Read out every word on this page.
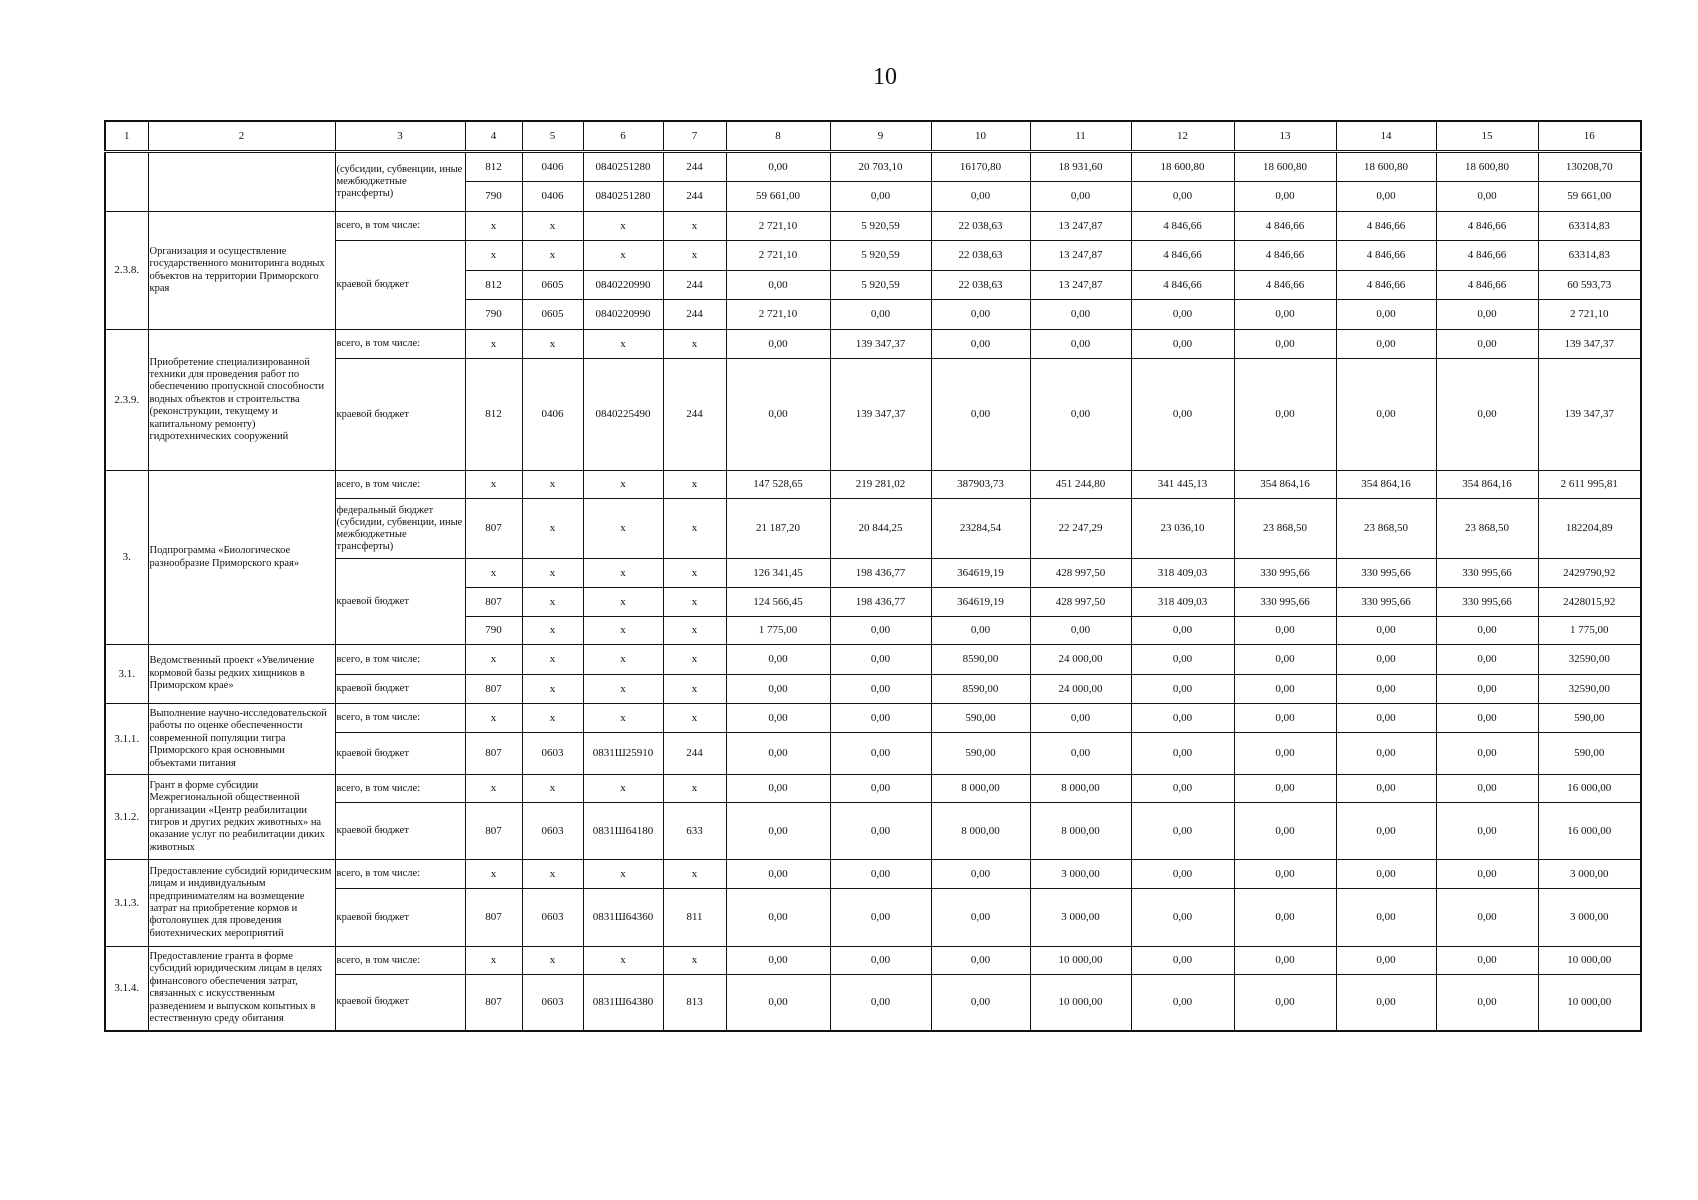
10
1	2	3	4	5	6	7	8	9	10	11	12	13	14	15	16
		(субсидии, субвенции, иные межбюджетные трансферты)	812	0406	0840251280	244	0,00	20 703,10	16170,80	18 931,60	18 600,80	18 600,80	18 600,80	18 600,80	130208,70
			790	0406	0840251280	244	59 661,00	0,00	0,00	0,00	0,00	0,00	0,00	0,00	59 661,00
2.3.8.	Организация и осуществление государственного мониторинга водных объектов на территории Приморского края	всего, в том числе:	x	x	x	x	2 721,10	5 920,59	22 038,63	13 247,87	4 846,66	4 846,66	4 846,66	4 846,66	63314,83
		краевой бюджет	x	x	x	x	2 721,10	5 920,59	22 038,63	13 247,87	4 846,66	4 846,66	4 846,66	4 846,66	63314,83
			812	0605	0840220990	244	0,00	5 920,59	22 038,63	13 247,87	4 846,66	4 846,66	4 846,66	4 846,66	60 593,73
			790	0605	0840220990	244	2 721,10	0,00	0,00	0,00	0,00	0,00	0,00	0,00	2 721,10
2.3.9.	Приобретение специализированной техники для проведения работ по обеспечению пропускной способности водных объектов и строительства (реконструкции, текущему и капитальному ремонту) гидротехнических сооружений	всего, в том числе:	x	x	x	x	0,00	139 347,37	0,00	0,00	0,00	0,00	0,00	0,00	139 347,37
		краевой бюджет	812	0406	0840225490	244	0,00	139 347,37	0,00	0,00	0,00	0,00	0,00	0,00	139 347,37
3.	Подпрограмма «Биологическое разнообразие Приморского края»	всего, в том числе:	x	x	x	x	147 528,65	219 281,02	387903,73	451 244,80	341 445,13	354 864,16	354 864,16	354 864,16	2 611 995,81
		федеральный бюджет (субсидии, субвенции, иные межбюджетные трансферты)	807	x	x	x	21 187,20	20 844,25	23284,54	22 247,29	23 036,10	23 868,50	23 868,50	23 868,50	182204,89
		краевой бюджет	x	x	x	x	126 341,45	198 436,77	364619,19	428 997,50	318 409,03	330 995,66	330 995,66	330 995,66	2429790,92
			807	x	x	x	124 566,45	198 436,77	364619,19	428 997,50	318 409,03	330 995,66	330 995,66	330 995,66	2428015,92
			790	x	x	x	1 775,00	0,00	0,00	0,00	0,00	0,00	0,00	0,00	1 775,00
3.1.	Ведомственный проект «Увеличение кормовой базы редких хищников в Приморском крае»	всего, в том числе:	x	x	x	x	0,00	0,00	8590,00	24 000,00	0,00	0,00	0,00	0,00	32590,00
		краевой бюджет	807	x	x	x	0,00	0,00	8590,00	24 000,00	0,00	0,00	0,00	0,00	32590,00
3.1.1.	Выполнение научно-исследовательской работы по оценке обеспеченности современной популяции тигра Приморского края основными объектами питания	всего, в том числе:	x	x	x	x	0,00	0,00	590,00	0,00	0,00	0,00	0,00	0,00	590,00
		краевой бюджет	807	0603	0831Ш25910	244	0,00	0,00	590,00	0,00	0,00	0,00	0,00	0,00	590,00
3.1.2.	Грант в форме субсидии Межрегиональной общественной организации «Центр реабилитации тигров и других редких животных» на оказание услуг по реабилитации диких животных	всего, в том числе:	x	x	x	x	0,00	0,00	8 000,00	8 000,00	0,00	0,00	0,00	0,00	16 000,00
		краевой бюджет	807	0603	0831Ш64180	633	0,00	0,00	8 000,00	8 000,00	0,00	0,00	0,00	0,00	16 000,00
3.1.3.	Предоставление субсидий юридическим лицам и индивидуальным предпринимателям на возмещение затрат на приобретение кормов и фотоловушек для проведения биотехнических мероприятий	всего, в том числе:	x	x	x	x	0,00	0,00	0,00	3 000,00	0,00	0,00	0,00	0,00	3 000,00
		краевой бюджет	807	0603	0831Ш64360	811	0,00	0,00	0,00	3 000,00	0,00	0,00	0,00	0,00	3 000,00
3.1.4.	Предоставление гранта в форме субсидий юридическим лицам в целях финансового обеспечения затрат, связанных с искусственным разведением и выпуском копытных в естественную среду обитания	всего, в том числе:	x	x	x	x	0,00	0,00	0,00	10 000,00	0,00	0,00	0,00	0,00	10 000,00
		краевой бюджет	807	0603	0831Ш64380	813	0,00	0,00	0,00	10 000,00	0,00	0,00	0,00	0,00	10 000,00
